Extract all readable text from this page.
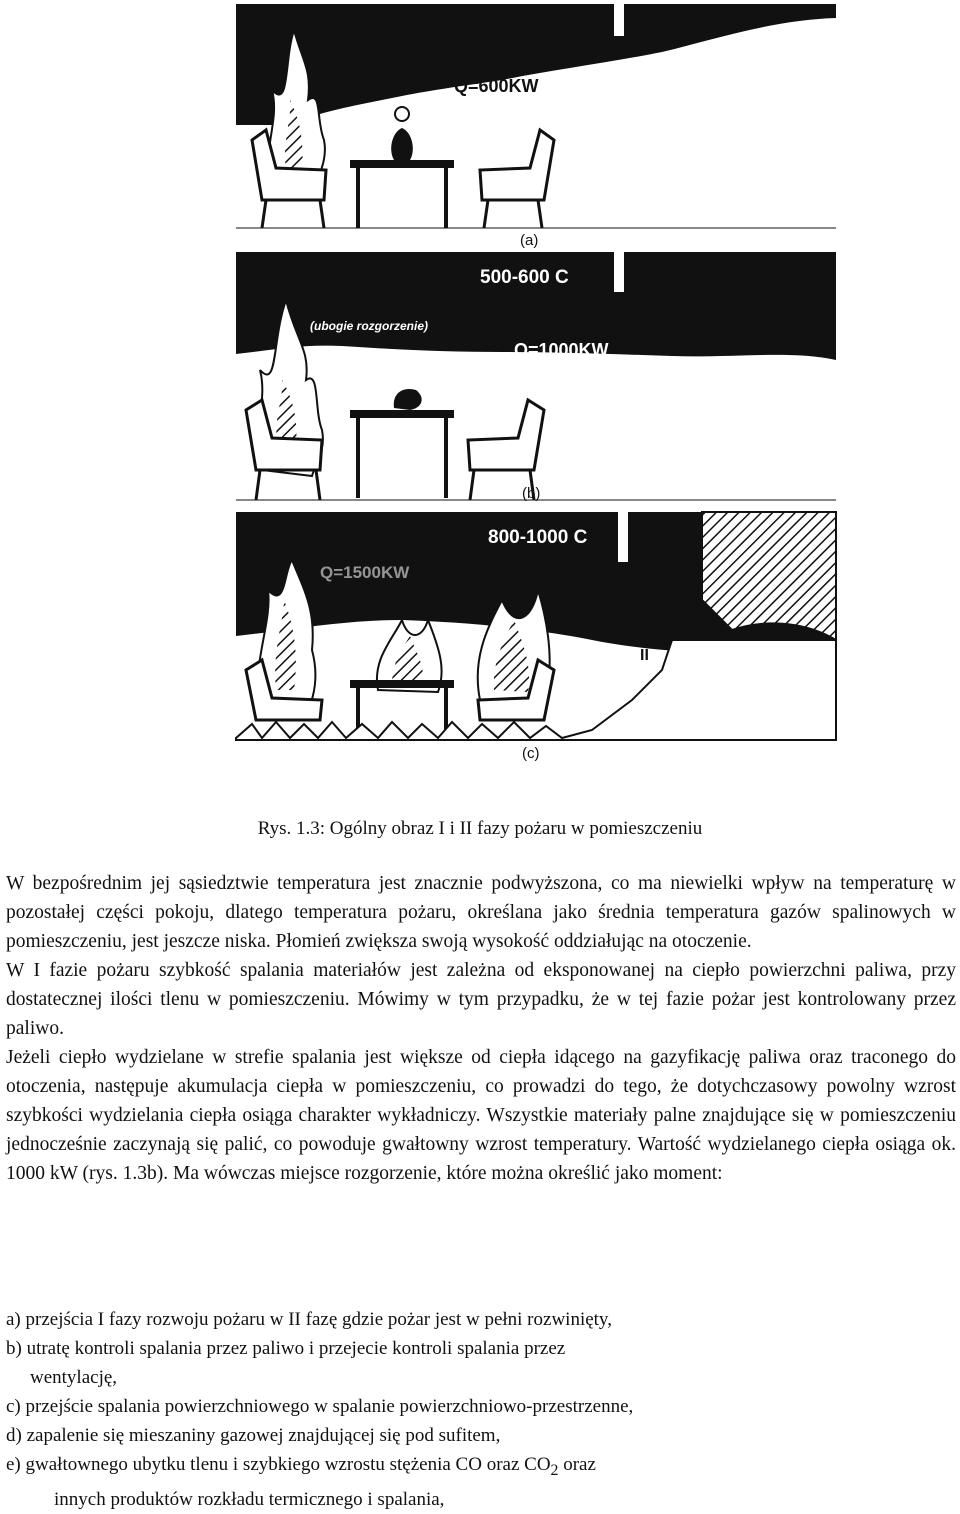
Q=600KW
(a)
500-600 C
(ubogie rozgorzenie)
Q=1000KW
(b)
800-1000 C
Q=1500KW
II
(c)
Rys. 1.3: Ogólny obraz I i II fazy pożaru w pomieszczeniu

W bezpośrednim jej sąsiedztwie temperatura jest znacznie podwyższona, co ma niewielki wpływ na temperaturę w pozostałej części pokoju, dlatego temperatura pożaru, określana jako średnia temperatura gazów spalinowych w pomieszczeniu, jest jeszcze niska. Płomień zwiększa swoją wysokość oddziałując na otoczenie.

W I fazie pożaru szybkość spalania materiałów jest zależna od eksponowanej na ciepło powierzchni paliwa, przy dostatecznej ilości tlenu w pomieszczeniu. Mówimy w tym przypadku, że w tej fazie pożar jest kontrolowany przez paliwo.

Jeżeli ciepło wydzielane w strefie spalania jest większe od ciepła idącego na gazyfikację paliwa oraz traconego do otoczenia, następuje akumulacja ciepła w pomieszczeniu, co prowadzi do tego, że dotychczasowy powolny wzrost szybkości wydzielania ciepła osiąga charakter wykładniczy. Wszystkie materiały palne znajdujące się w pomieszczeniu jednocześnie zaczynają się palić, co powoduje gwałtowny wzrost temperatury. Wartość wydzielanego ciepła osiąga ok. 1000 kW (rys. 1.3b). Ma wówczas miejsce rozgorzenie, które można określić jako moment:

a) przejścia I fazy rozwoju pożaru w II fazę gdzie pożar jest w pełni rozwinięty,
b) utratę kontroli spalania przez paliwo i przejecie kontroli spalania przez
wentylację,
c) przejście spalania powierzchniowego w spalanie powierzchniowo-przestrzenne,
d) zapalenie się mieszaniny gazowej znajdującej się pod sufitem,
e) gwałtownego ubytku tlenu i szybkiego wzrostu stężenia CO oraz $CO_2$ oraz
innych produktów rozkładu termicznego i spalania,
